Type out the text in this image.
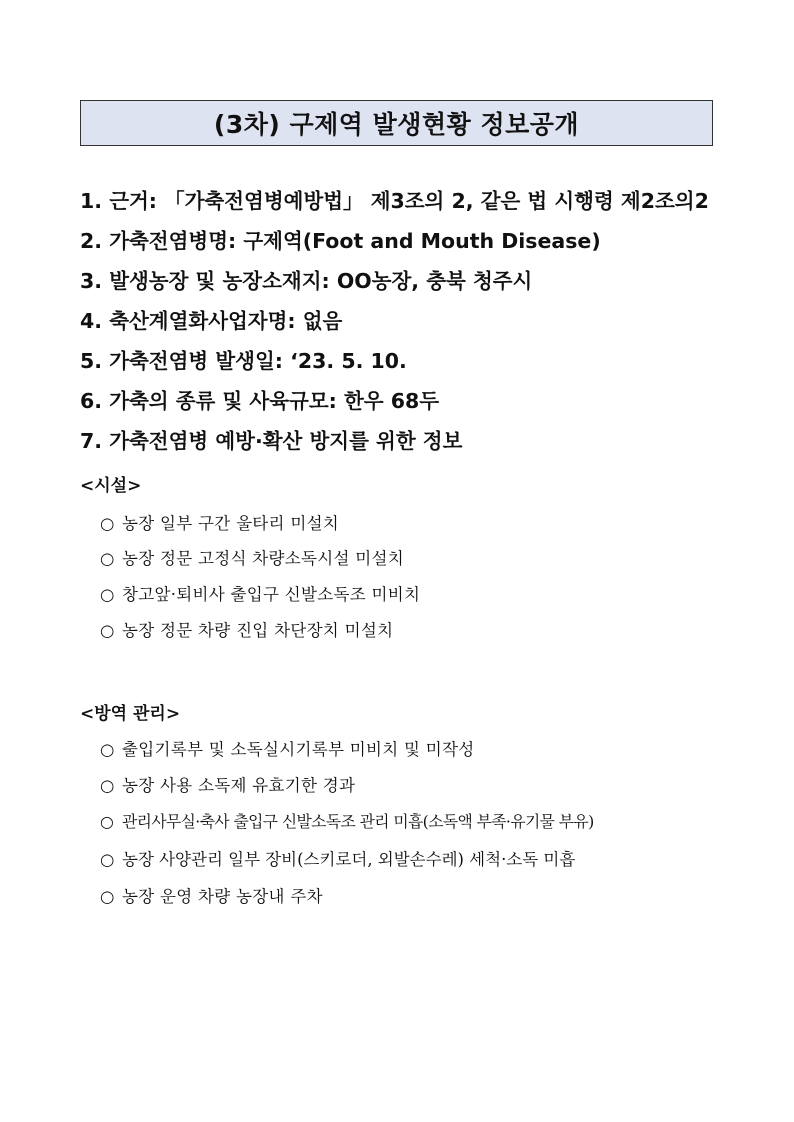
(3차) 구제역 발생현황 정보공개
1. 근거: 「가축전염병예방법」 제3조의 2, 같은 법 시행령 제2조의2
2. 가축전염병명: 구제역(Foot and Mouth Disease)
3. 발생농장 및 농장소재지: OO농장, 충북 청주시
4. 축산계열화사업자명: 없음
5. 가축전염병 발생일: ‘23. 5. 10.
6. 가축의 종류 및 사육규모: 한우 68두
7. 가축전염병 예방·확산 방지를 위한 정보
<시설>
○ 농장 일부 구간 울타리 미설치
○ 농장 정문 고정식 차량소독시설 미설치
○ 창고앞·퇴비사 출입구 신발소독조 미비치
○ 농장 정문 차량 진입 차단장치 미설치
<방역 관리>
○ 출입기록부 및 소독실시기록부 미비치 및 미작성
○ 농장 사용 소독제 유효기한 경과
○ 관리사무실·축사 출입구 신발소독조 관리 미흡(소독액 부족·유기물 부유)
○ 농장 사양관리 일부 장비(스키로더, 외발손수레) 세척·소독 미흡
○ 농장 운영 차량 농장내 주차
